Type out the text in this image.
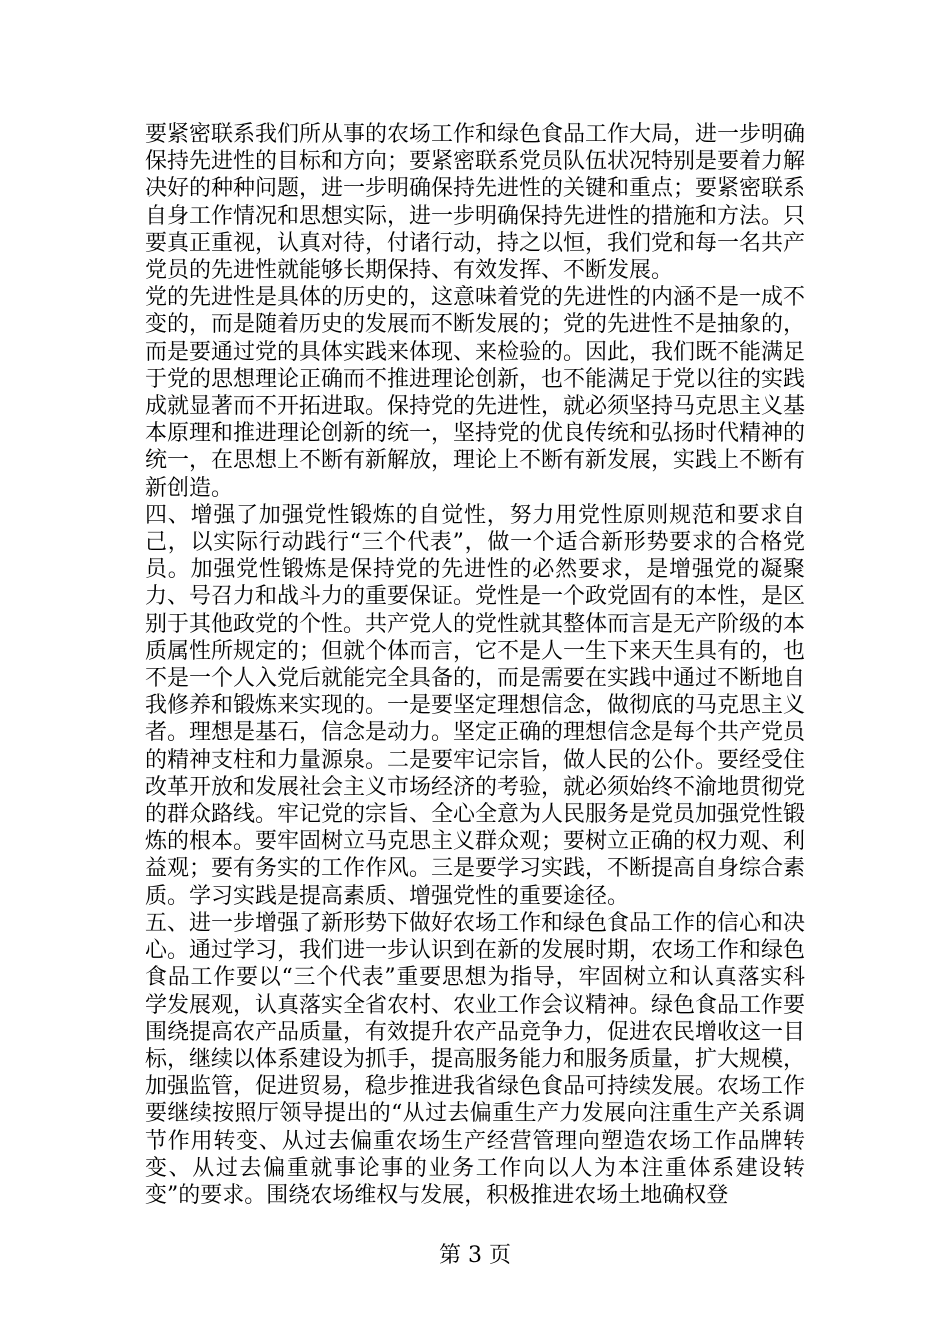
要紧密联系我们所从事的农场工作和绿色食品工作大局，进一步明确保持先进性的目标和方向；要紧密联系党员队伍状况特别是要着力解决好的种种问题，进一步明确保持先进性的关键和重点；要紧密联系自身工作情况和思想实际，进一步明确保持先进性的措施和方法。只要真正重视，认真对待，付诸行动，持之以恒，我们党和每一名共产党员的先进性就能够长期保持、有效发挥、不断发展。

党的先进性是具体的历史的，这意味着党的先进性的内涵不是一成不变的，而是随着历史的发展而不断发展的；党的先进性不是抽象的，而是要通过党的具体实践来体现、来检验的。因此，我们既不能满足于党的思想理论正确而不推进理论创新，也不能满足于党以往的实践成就显著而不开拓进取。保持党的先进性，就必须坚持马克思主义基本原理和推进理论创新的统一，坚持党的优良传统和弘扬时代精神的统一，在思想上不断有新解放，理论上不断有新发展，实践上不断有新创造。

四、增强了加强党性锻炼的自觉性，努力用党性原则规范和要求自己，以实际行动践行“三个代表”，做一个适合新形势要求的合格党员。加强党性锻炼是保持党的先进性的必然要求，是增强党的凝聚力、号召力和战斗力的重要保证。党性是一个政党固有的本性，是区别于其他政党的个性。共产党人的党性就其整体而言是无产阶级的本质属性所规定的；但就个体而言，它不是人一生下来天生具有的，也不是一个人入党后就能完全具备的，而是需要在实践中通过不断地自我修养和锻炼来实现的。一是要坚定理想信念，做彻底的马克思主义者。理想是基石，信念是动力。坚定正确的理想信念是每个共产党员的精神支柱和力量源泉。二是要牢记宗旨，做人民的公仆。要经受住改革开放和发展社会主义市场经济的考验，就必须始终不渝地贯彻党的群众路线。牢记党的宗旨、全心全意为人民服务是党员加强党性锻炼的根本。要牢固树立马克思主义群众观；要树立正确的权力观、利益观；要有务实的工作作风。三是要学习实践，不断提高自身综合素质。学习实践是提高素质、增强党性的重要途径。

五、进一步增强了新形势下做好农场工作和绿色食品工作的信心和决心。通过学习，我们进一步认识到在新的发展时期，农场工作和绿色食品工作要以“三个代表”重要思想为指导，牢固树立和认真落实科学发展观，认真落实全省农村、农业工作会议精神。绿色食品工作要围绕提高农产品质量，有效提升农产品竞争力，促进农民增收这一目标，继续以体系建设为抓手，提高服务能力和服务质量，扩大规模，加强监管，促进贸易，稳步推进我省绿色食品可持续发展。农场工作要继续按照厅领导提出的“从过去偏重生产力发展向注重生产关系调节作用转变、从过去偏重农场生产经营管理向塑造农场工作品牌转变、从过去偏重就事论事的业务工作向以人为本注重体系建设转变”的要求。围绕农场维权与发展，积极推进农场土地确权登

第 3 页
